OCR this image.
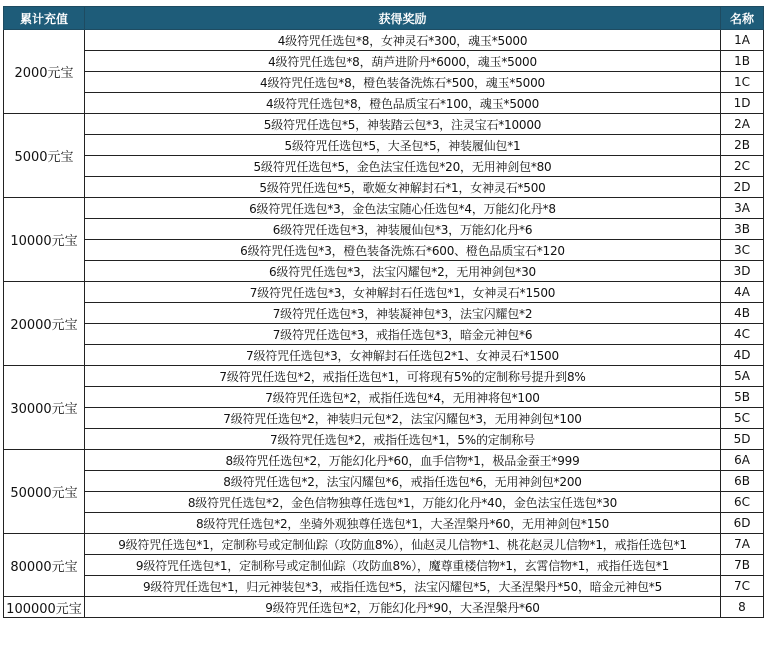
累计充值	获得奖励	名称
2000元宝	4级符咒任选包*8，女神灵石*300，魂玉*5000	1A
	4级符咒任选包*8，葫芦进阶丹*6000，魂玉*5000	1B
	4级符咒任选包*8，橙色装备洗炼石*500，魂玉*5000	1C
	4级符咒任选包*8，橙色品质宝石*100，魂玉*5000	1D
5000元宝	5级符咒任选包*5，神装踏云包*3，注灵宝石*10000	2A
	5级符咒任选包*5，大圣包*5，神装履仙包*1	2B
	5级符咒任选包*5，金色法宝任选包*20，无用神剑包*80	2C
	5级符咒任选包*5，歌姬女神解封石*1，女神灵石*500	2D
10000元宝	6级符咒任选包*3，金色法宝随心任选包*4，万能幻化丹*8	3A
	6级符咒任选包*3，神装履仙包*3，万能幻化丹*6	3B
	6级符咒任选包*3，橙色装备洗炼石*600、橙色品质宝石*120	3C
	6级符咒任选包*3，法宝闪耀包*2，无用神剑包*30	3D
20000元宝	7级符咒任选包*3，女神解封石任选包*1，女神灵石*1500	4A
	7级符咒任选包*3，神装凝神包*3，法宝闪耀包*2	4B
	7级符咒任选包*3，戒指任选包*3，暗金元神包*6	4C
	7级符咒任选包*3，女神解封石任选包2*1、女神灵石*1500	4D
30000元宝	7级符咒任选包*2，戒指任选包*1，可将现有5%的定制称号提升到8%	5A
	7级符咒任选包*2，戒指任选包*4，无用神将包*100	5B
	7级符咒任选包*2，神装归元包*2，法宝闪耀包*3，无用神剑包*100	5C
	7级符咒任选包*2，戒指任选包*1，5%的定制称号	5D
50000元宝	8级符咒任选包*2，万能幻化丹*60，血手信物*1，极品金蚕王*999	6A
	8级符咒任选包*2，法宝闪耀包*6，戒指任选包*6，无用神剑包*200	6B
	8级符咒任选包*2，金色信物独尊任选包*1，万能幻化丹*40，金色法宝任选包*30	6C
	8级符咒任选包*2，坐骑外观独尊任选包*1，大圣涅槃丹*60，无用神剑包*150	6D
80000元宝	9级符咒任选包*1，定制称号或定制仙踪（攻防血8%），仙赵灵儿信物*1、桃花赵灵儿信物*1，戒指任选包*1	7A
	9级符咒任选包*1，定制称号或定制仙踪（攻防血8%），魔尊重楼信物*1，玄霄信物*1，戒指任选包*1	7B
	9级符咒任选包*1，归元神装包*3，戒指任选包*5，法宝闪耀包*5，大圣涅槃丹*50，暗金元神包*5	7C
100000元宝	9级符咒任选包*2，万能幻化丹*90，大圣涅槃丹*60	8
